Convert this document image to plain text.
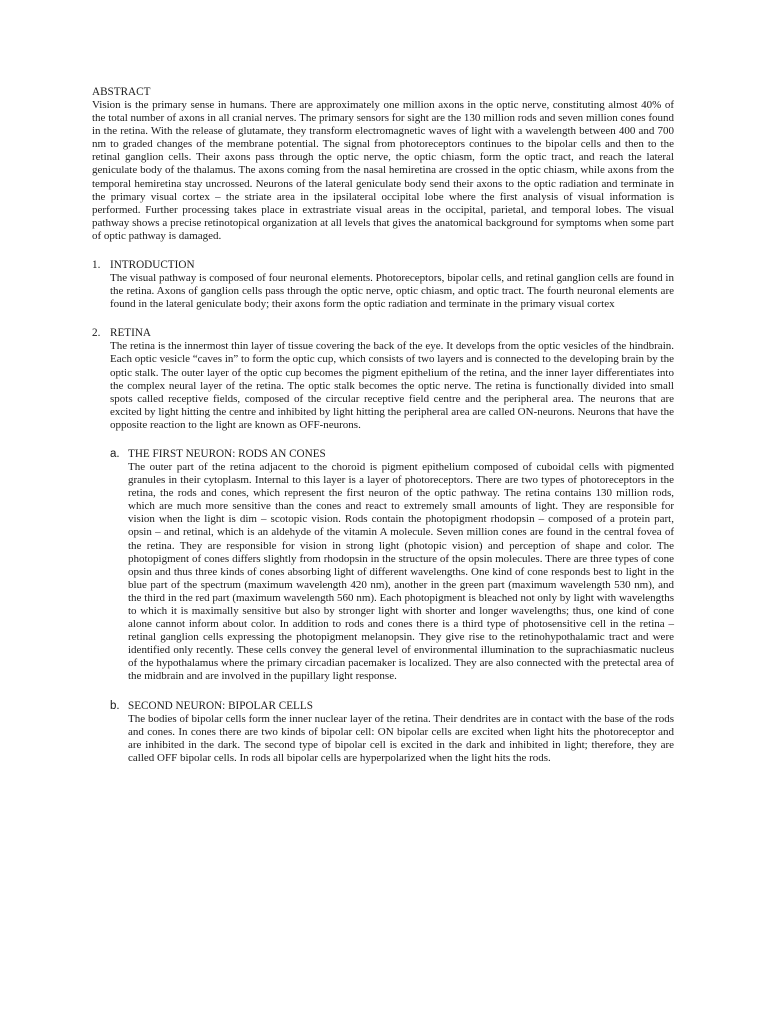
ABSTRACT

Vision is the primary sense in humans. There are approximately one million axons in the optic nerve, constituting almost 40% of the total number of axons in all cranial nerves. The primary sensors for sight are the 130 million rods and seven million cones found in the retina. With the release of glutamate, they transform electromagnetic waves of light with a wavelength between 400 and 700 nm to graded changes of the membrane potential. The signal from photoreceptors continues to the bipolar cells and then to the retinal ganglion cells. Their axons pass through the optic nerve, the optic chiasm, form the optic tract, and reach the lateral geniculate body of the thalamus. The axons coming from the nasal hemiretina are crossed in the optic chiasm, while axons from the temporal hemiretina stay uncrossed. Neurons of the lateral geniculate body send their axons to the optic radiation and terminate in the primary visual cortex – the striate area in the ipsilateral occipital lobe where the first analysis of visual information is performed. Further processing takes place in extrastriate visual areas in the occipital, parietal, and temporal lobes. The visual pathway shows a precise retinotopical organization at all levels that gives the anatomical background for symptoms when some part of optic pathway is damaged.

1. INTRODUCTION

The visual pathway is composed of four neuronal elements. Photoreceptors, bipolar cells, and retinal ganglion cells are found in the retina. Axons of ganglion cells pass through the optic nerve, optic chiasm, and optic tract. The fourth neuronal elements are found in the lateral geniculate body; their axons form the optic radiation and terminate in the primary visual cortex

2. RETINA

The retina is the innermost thin layer of tissue covering the back of the eye. It develops from the optic vesicles of the hindbrain. Each optic vesicle “caves in” to form the optic cup, which consists of two layers and is connected to the developing brain by the optic stalk. The outer layer of the optic cup becomes the pigment epithelium of the retina, and the inner layer differentiates into the complex neural layer of the retina. The optic stalk becomes the optic nerve. The retina is functionally divided into small spots called receptive fields, composed of the circular receptive field centre and the peripheral area. The neurons that are excited by light hitting the centre and inhibited by light hitting the peripheral area are called ON-neurons. Neurons that have the opposite reaction to the light are known as OFF-neurons.

a. THE FIRST NEURON: RODS AN CONES

The outer part of the retina adjacent to the choroid is pigment epithelium composed of cuboidal cells with pigmented granules in their cytoplasm. Internal to this layer is a layer of photoreceptors. There are two types of photoreceptors in the retina, the rods and cones, which represent the first neuron of the optic pathway. The retina contains 130 million rods, which are much more sensitive than the cones and react to extremely small amounts of light. They are responsible for vision when the light is dim – scotopic vision. Rods contain the photopigment rhodopsin – composed of a protein part, opsin – and retinal, which is an aldehyde of the vitamin A molecule. Seven million cones are found in the central fovea of the retina. They are responsible for vision in strong light (photopic vision) and perception of shape and color. The photopigment of cones differs slightly from rhodopsin in the structure of the opsin molecules. There are three types of cone opsin and thus three kinds of cones absorbing light of different wavelengths. One kind of cone responds best to light in the blue part of the spectrum (maximum wavelength 420 nm), another in the green part (maximum wavelength 530 nm), and the third in the red part (maximum wavelength 560 nm). Each photopigment is bleached not only by light with wavelengths to which it is maximally sensitive but also by stronger light with shorter and longer wavelengths; thus, one kind of cone alone cannot inform about color. In addition to rods and cones there is a third type of photosensitive cell in the retina – retinal ganglion cells expressing the photopigment melanopsin. They give rise to the retinohypothalamic tract and were identified only recently. These cells convey the general level of environmental illumination to the suprachiasmatic nucleus of the hypothalamus where the primary circadian pacemaker is localized. They are also connected with the pretectal area of the midbrain and are involved in the pupillary light response.

b. SECOND NEURON: BIPOLAR CELLS

The bodies of bipolar cells form the inner nuclear layer of the retina. Their dendrites are in contact with the base of the rods and cones. In cones there are two kinds of bipolar cell: ON bipolar cells are excited when light hits the photoreceptor and are inhibited in the dark. The second type of bipolar cell is excited in the dark and inhibited in light; therefore, they are called OFF bipolar cells. In rods all bipolar cells are hyperpolarized when the light hits the rods.
